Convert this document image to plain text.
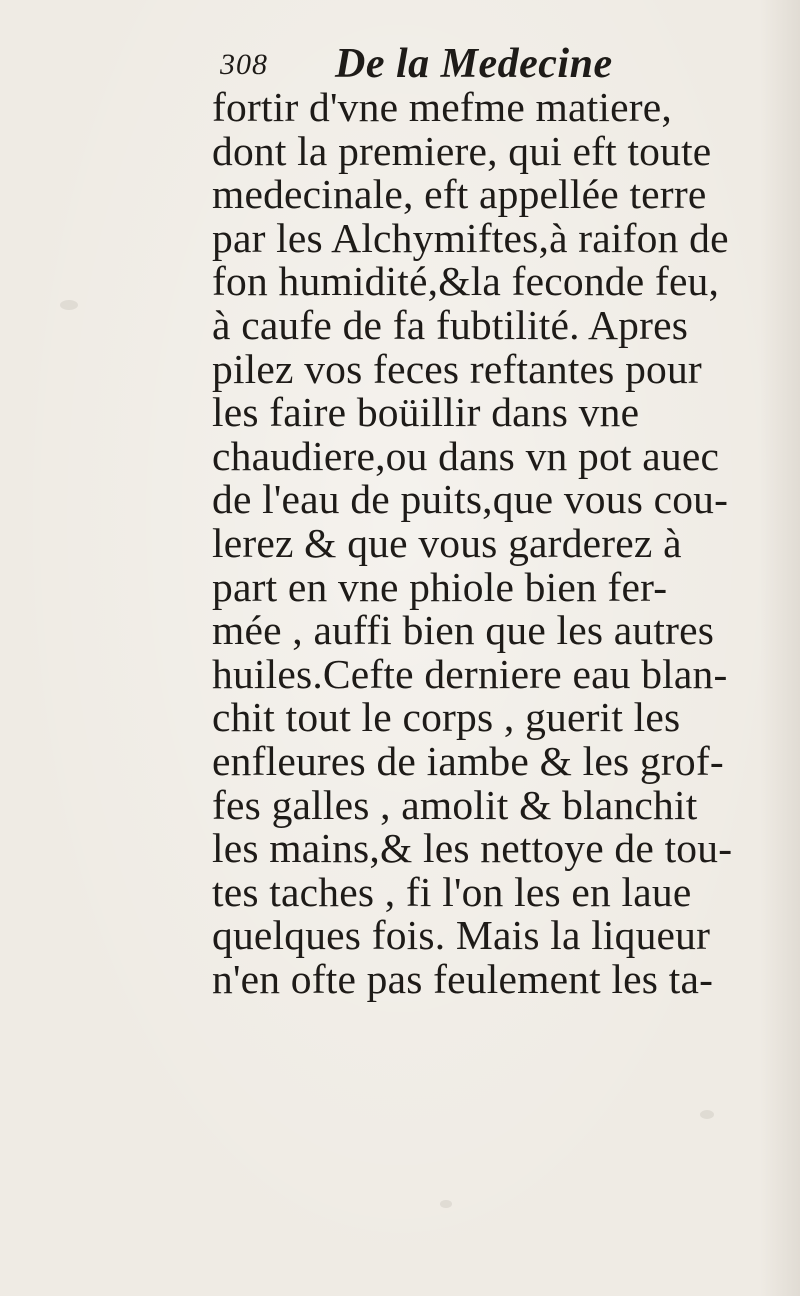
308 De la Medecine
fortir d'vne mefme matiere,
dont la premiere, qui eft toute
medecinale, eft appellée terre
par les Alchymiftes,à raifon de
fon humidité,&la feconde feu,
à caufe de fa fubtilité. Apres
pilez vos feces reftantes pour
les faire boüillir dans vne
chaudiere,ou dans vn pot auec
de l'eau de puits,que vous cou-
lerez & que vous garderez à
part en vne phiole bien fer-
mée , auffi bien que les autres
huiles.Cefte derniere eau blan-
chit tout le corps , guerit les
enfleures de iambe & les grof-
fes galles , amolit & blanchit
les mains,& les nettoye de tou-
tes taches , fi l'on les en laue
quelques fois. Mais la liqueur
n'en ofte pas feulement les ta-
